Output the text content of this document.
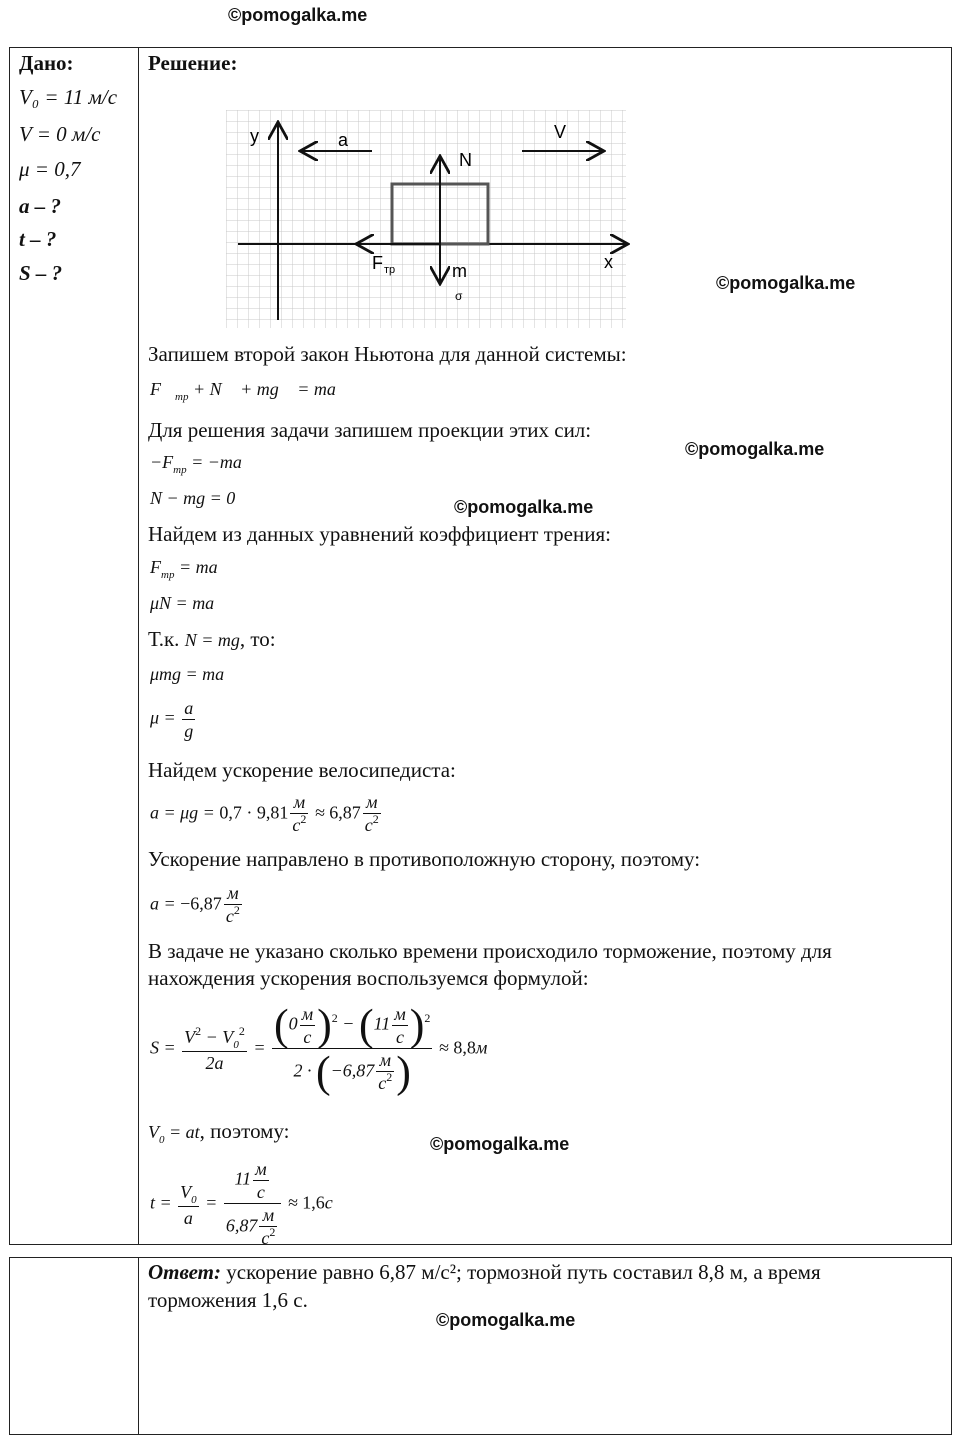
©pomogalka.me
©pomogalka.me
©pomogalka.me
©pomogalka.me
©pomogalka.me
©pomogalka.me
Дано:
V₀ = 11 м/с
V = 0 м/с
μ = 0,7
a – ?
t – ?
S – ?
Решение:
y	a	V
N
x
m
σ
F тр
Запишем второй закон Ньютона для данной системы:
$F⃗_{тр}$ + N⃗ + mg⃗ = ma⃗
Для решения задачи запишем проекции этих сил:
$-F_{тр} = -ma$
N − mg = 0
Найдем из данных уравнений коэффициент трения:
$F_{тр}$ = ma
μN = ma
Т.к. N = mg, то:
μmg = ma
$\mu = \frac{a}{g}$
Найдем ускорение велосипедиста:
$a = \mu g = 0,7 \cdot 9,81 \frac{м}{c^2} \approx 6,87 \frac{м}{c^2}$
Ускорение направлено в противоположную сторону, поэтому:
$a = -6,87 \frac{м}{c^2}$
В задаче не указано сколько времени происходило торможение, поэтому для
нахождения ускорения воспользуемся формулой:
$S = \frac{V^2 - V_0^2}{2a} = \frac{(0 \frac{м}{c} )^2 - (11 \frac{м}{c} )^2}{2 \cdot (-6,87 \frac{м}{c^2} )} \approx 8,8м$
$V_0$ = at, поэтому:
$t = \frac{V_0}{a} = \frac{11 \frac{м}{c}}{6,87 \frac{м}{c^2}} \approx 1,6c$
Ответ: ускорение равно 6,87 м/с²; тормозной путь составил 8,8 м, а время
торможения 1,6 с.
